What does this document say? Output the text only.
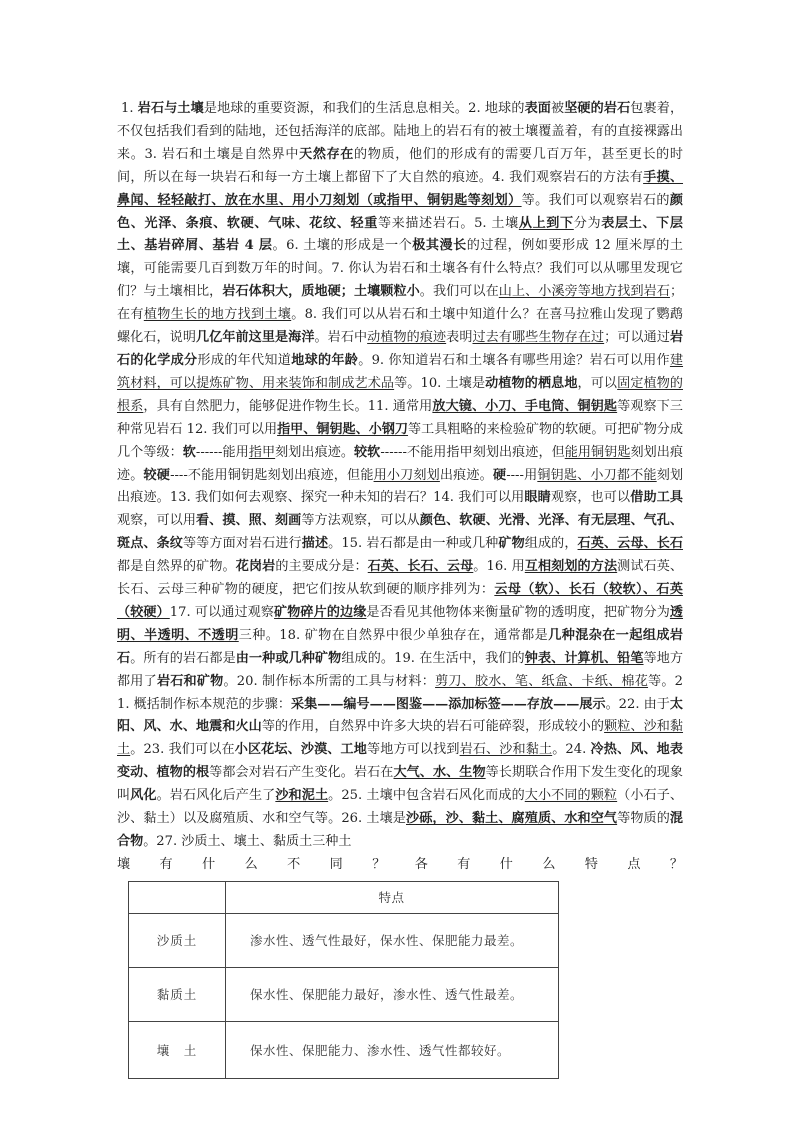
1. 岩石与土壤是地球的重要资源，和我们的生活息息相关。2. 地球的表面被坚硬的岩石包裹着，不仅包括我们看到的陆地，还包括海洋的底部。陆地上的岩石有的被土壤覆盖着，有的直接裸露出来。3. 岩石和土壤是自然界中天然存在的物质，他们的形成有的需要几百万年，甚至更长的时间，所以在每一块岩石和每一方土壤上都留下了大自然的痕迹。4. 我们观察岩石的方法有手摸、鼻闻、轻轻敲打、放在水里、用小刀刻划（或指甲、铜钥匙等刻划）等。我们可以观察岩石的颜色、光泽、条痕、软硬、气味、花纹、轻重等来描述岩石。5. 土壤从上到下分为表层土、下层土、基岩碎屑、基岩 4 层。6. 土壤的形成是一个极其漫长的过程，例如要形成 12 厘米厚的土壤，可能需要几百到数万年的时间。7. 你认为岩石和土壤各有什么特点？我们可以从哪里发现它们？与土壤相比，岩石体积大，质地硬；土壤颗粒小。我们可以在山上、小溪旁等地方找到岩石；在有植物生长的地方找到土壤。8. 我们可以从岩石和土壤中知道什么？在喜马拉雅山发现了鹦鹉螺化石，说明几亿年前这里是海洋。岩石中动植物的痕迹表明过去有哪些生物存在过；可以通过岩石的化学成分形成的年代知道地球的年龄。9. 你知道岩石和土壤各有哪些用途？岩石可以用作建筑材料，可以提炼矿物、用来装饰和制成艺术品等。10. 土壤是动植物的栖息地，可以固定植物的根系，具有自然肥力，能够促进作物生长。11. 通常用放大镜、小刀、手电筒、铜钥匙等观察下三种常见岩石 12. 我们可以用指甲、铜钥匙、小钢刀等工具粗略的来检验矿物的软硬。可把矿物分成几个等级：软------能用指甲刻划出痕迹。较软------不能用指甲刻划出痕迹，但能用铜钥匙刻划出痕迹。较硬----不能用铜钥匙刻划出痕迹，但能用小刀刻划出痕迹。硬----用铜钥匙、小刀都不能刻划出痕迹。13. 我们如何去观察、探究一种未知的岩石？14. 我们可以用眼睛观察，也可以借助工具观察，可以用看、摸、照、刻画等方法观察，可以从颜色、软硬、光滑、光泽、有无层理、气孔、斑点、条纹等等方面对岩石进行描述。15. 岩石都是由一种或几种矿物组成的，石英、云母、长石都是自然界的矿物。花岗岩的主要成分是：石英、长石、云母。16. 用互相刻划的方法测试石英、长石、云母三种矿物的硬度，把它们按从软到硬的顺序排列为：云母（软）、长石（较软）、石英（较硬）17. 可以通过观察矿物碎片的边缘是否看见其他物体来衡量矿物的透明度，把矿物分为透明、半透明、不透明三种。18. 矿物在自然界中很少单独存在，通常都是几种混杂在一起组成岩石。所有的岩石都是由一种或几种矿物组成的。19. 在生活中，我们的钟表、计算机、铅笔等地方都用了岩石和矿物。20. 制作标本所需的工具与材料：剪刀、胶水、笔、纸盒、卡纸、棉花等。21. 概括制作标本规范的步骤：采集——编号——图鉴——添加标签——存放——展示。22. 由于太阳、风、水、地震和火山等的作用，自然界中许多大块的岩石可能碎裂，形成较小的颗粒、沙和黏土。23. 我们可以在小区花坛、沙漠、工地等地方可以找到岩石、沙和黏土。24. 冷热、风、地表变动、植物的根等都会对岩石产生变化。岩石在大气、水、生物等长期联合作用下发生变化的现象叫风化。岩石风化后产生了沙和泥土。25. 土壤中包含岩石风化而成的大小不同的颗粒（小石子、沙、黏土）以及腐殖质、水和空气等。26. 土壤是沙砾，沙、黏土、腐殖质、水和空气等物质的混合物。27. 沙质土、壤土、黏质土三种土
壤 有 什 么 不 同 ？ 各 有 什 么 特 点 ？
	特点
沙质土	渗水性、透气性最好，保水性、保肥能力最差。
黏质土	保水性、保肥能力最好，渗水性、透气性最差。
壤　土	保水性、保肥能力、渗水性、透气性都较好。
